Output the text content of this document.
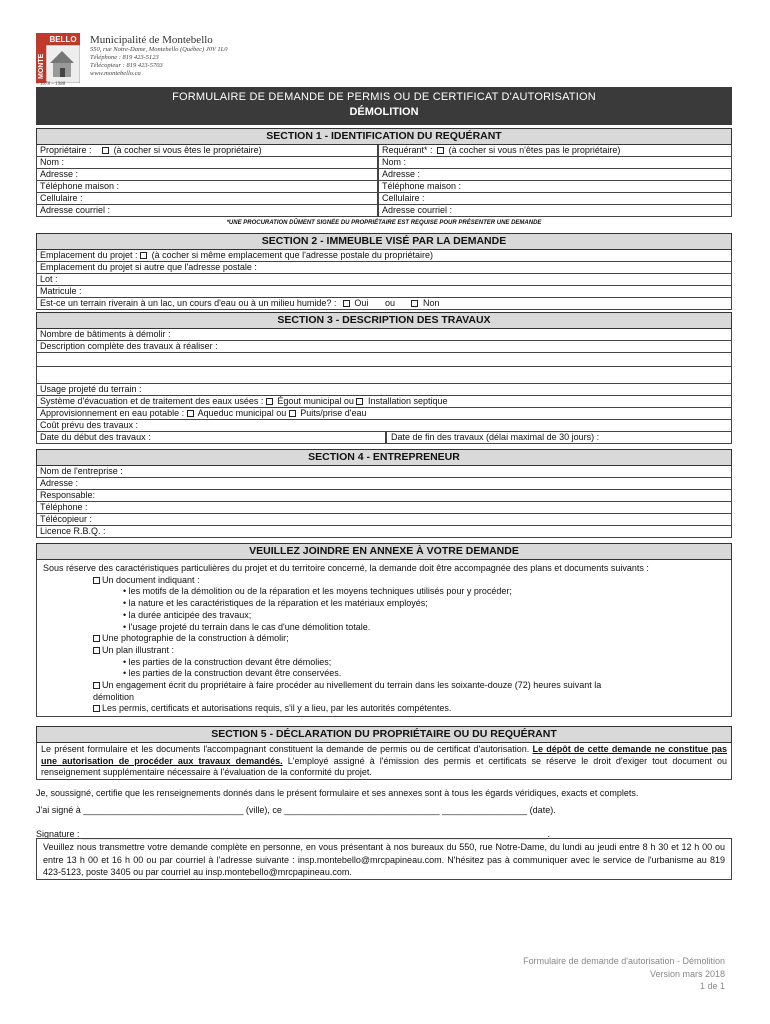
BELLO
MONTE
~ 1678 ~ 1988
Municipalité de Montebello
550, rue Notre-Dame, Montebello (Québec) J0V 1L0
Téléphone : 819 423-5123
Télécopieur : 819 423-5703
www.montebello.ca
FORMULAIRE DE DEMANDE DE PERMIS OU DE CERTIFICAT D'AUTORISATION
DÉMOLITION
SECTION 1 - IDENTIFICATION DU REQUÉRANT
Propriétaire : (à cocher si vous êtes le propriétaire)	Requérant* : (à cocher si vous n'êtes pas le propriétaire)
Nom :	Nom :
Adresse :	Adresse :
Téléphone maison :	Téléphone maison :
Cellulaire :	Cellulaire :
Adresse courriel :	Adresse courriel :
*UNE PROCURATION DÛMENT SIGNÉE DU PROPRIÉTAIRE EST REQUISE POUR PRÉSENTER UNE DEMANDE
SECTION 2 - IMMEUBLE VISÉ PAR LA DEMANDE
Emplacement du projet : (à cocher si même emplacement que l'adresse postale du propriétaire)
Emplacement du projet si autre que l'adresse postale :
Lot :
Matricule :
Est-ce un terrain riverain à un lac, un cours d'eau ou à un milieu humide? : Oui ou	Non
SECTION 3 - DESCRIPTION DES TRAVAUX
Nombre de bâtiments à démolir :
Description complète des travaux à réaliser :
Usage projeté du terrain :
Système d'évacuation et de traitement des eaux usées : Égout municipal ou Installation septique
Approvisionnement en eau potable : Aqueduc municipal ou Puits/prise d'eau
Coût prévu des travaux :
Date du début des travaux :	Date de fin des travaux (délai maximal de 30 jours) :
SECTION 4 - ENTREPRENEUR
Nom de l'entreprise :
Adresse :
Responsable:
Téléphone :
Télécopieur :
Licence R.B.Q. :
VEUILLEZ JOINDRE EN ANNEXE À VOTRE DEMANDE
Sous réserve des caractéristiques particulières du projet et du territoire concerné, la demande doit être accompagnée des plans et documents suivants :
Un document indiquant :
• les motifs de la démolition ou de la réparation et les moyens techniques utilisés pour y procéder;
• la nature et les caractéristiques de la réparation et les matériaux employés;
• la durée anticipée des travaux;
• l'usage projeté du terrain dans le cas d'une démolition totale.
Une photographie de la construction à démolir;
Un plan illustrant :
• les parties de la construction devant être démolies;
• les parties de la construction devant être conservées.
Un engagement écrit du propriétaire à faire procéder au nivellement du terrain dans les soixante-douze (72) heures suivant la
démolition
Les permis, certificats et autorisations requis, s'il y a lieu, par les autorités compétentes.
SECTION 5 - DÉCLARATION DU PROPRIÉTAIRE OU DU REQUÉRANT
Le présent formulaire et les documents l'accompagnant constituent la demande de permis ou de certificat d'autorisation. Le dépôt de cette demande ne constitue pas une autorisation de procéder aux travaux demandés. L'employé assigné à l'émission des permis et certificats se réserve le droit d'exiger tout document ou renseignement supplémentaire nécessaire à l'évaluation de la conformité du projet.
Je, soussigné, certifie que les renseignements donnés dans le présent formulaire et ses annexes sont à tous les égards véridiques, exacts et complets.
J'ai signé à ________________________________ (ville), ce _______________________________ _________________ (date).
Signature : _____________________________________________________________________________________________.
Veuillez nous transmettre votre demande complète en personne, en vous présentant à nos bureaux du 550, rue Notre-Dame, du lundi au jeudi entre 8 h 30 et 12 h 00 ou entre 13 h 00 et 16 h 00 ou par courriel à l'adresse suivante : insp.montebello@mrcpapineau.com. N'hésitez pas à communiquer avec le service de l'urbanisme au 819 423-5123, poste 3405 ou par courriel au insp.montebello@mrcpapineau.com.
Formulaire de demande d'autorisation - Démolition
Version mars 2018
1 de 1
